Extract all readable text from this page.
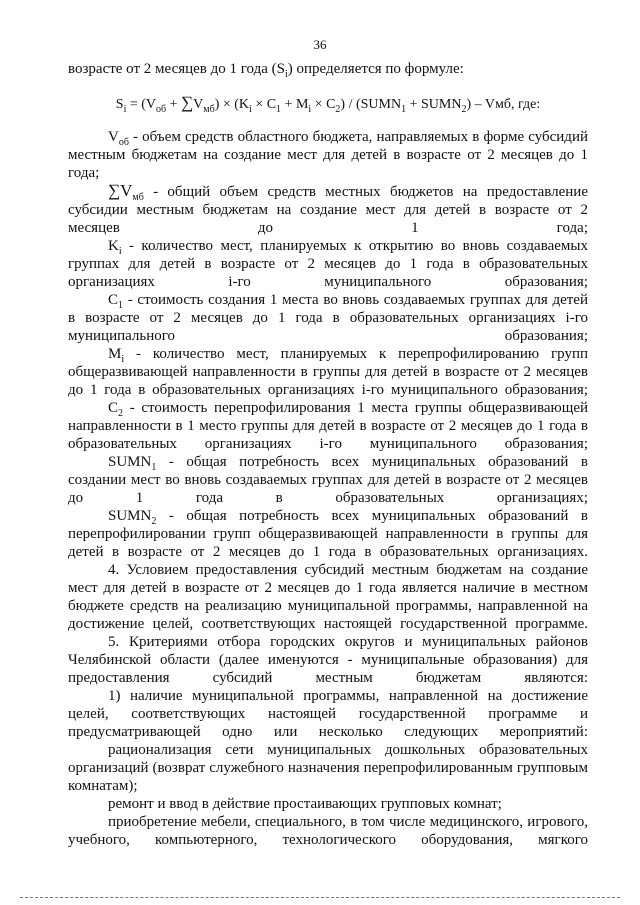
36

возрасте от 2 месяцев до 1 года $(S_i)$ определяется по формуле:

$S_i = (V_{об} + \sum V_{мб}) \times (K_i \times C_1 + M_i \times C_2)$ / ($SUMN_1$ + $SUMN_2$) – Vмб, где:

$V_{об}$ - объем средств областного бюджета, направляемых в форме субсидий местным бюджетам на создание мест для детей в возрасте от 2 месяцев до 1 года;

$\sum V_{мб}$ - общий объем средств местных бюджетов на предоставление субсидии местным бюджетам на создание мест для детей в возрасте от 2 месяцев до 1 года;

$K_i$ - количество мест, планируемых к открытию во вновь создаваемых группах для детей в возрасте от 2 месяцев до 1 года в образовательных организациях i-го муниципального образования;

$C_1$ - стоимость создания 1 места во вновь создаваемых группах для детей в возрасте от 2 месяцев до 1 года в образовательных организациях i-го муниципального образования;

$M_i$ - количество мест, планируемых к перепрофилированию групп общеразвивающей направленности в группы для детей в возрасте от 2 месяцев до 1 года в образовательных организациях i-го муниципального образования;

$C_2$ - стоимость перепрофилирования 1 места группы общеразвивающей направленности в 1 место группы для детей в возрасте от 2 месяцев до 1 года в образовательных организациях i-го муниципального образования;

$SUMN_1$ - общая потребность всех муниципальных образований в создании мест во вновь создаваемых группах для детей в возрасте от 2 месяцев до 1 года в образовательных организациях;

$SUMN_2$ - общая потребность всех муниципальных образований в перепрофилировании групп общеразвивающей направленности в группы для детей в возрасте от 2 месяцев до 1 года в образовательных организациях.

4. Условием предоставления субсидий местным бюджетам на создание мест для детей в возрасте от 2 месяцев до 1 года является наличие в местном бюджете средств на реализацию муниципальной программы, направленной на достижение целей, соответствующих настоящей государственной программе.

5. Критериями отбора городских округов и муниципальных районов Челябинской области (далее именуются - муниципальные образования) для предоставления субсидий местным бюджетам являются:

1) наличие муниципальной программы, направленной на достижение целей, соответствующих настоящей государственной программе и предусматривающей одно или несколько следующих мероприятий:

рационализация сети муниципальных дошкольных образовательных организаций (возврат служебного назначения перепрофилированным групповым комнатам);

ремонт и ввод в действие простаивающих групповых комнат;

приобретение мебели, специального, в том числе медицинского, игрового, учебного, компьютерного, технологического оборудования, мягкого
